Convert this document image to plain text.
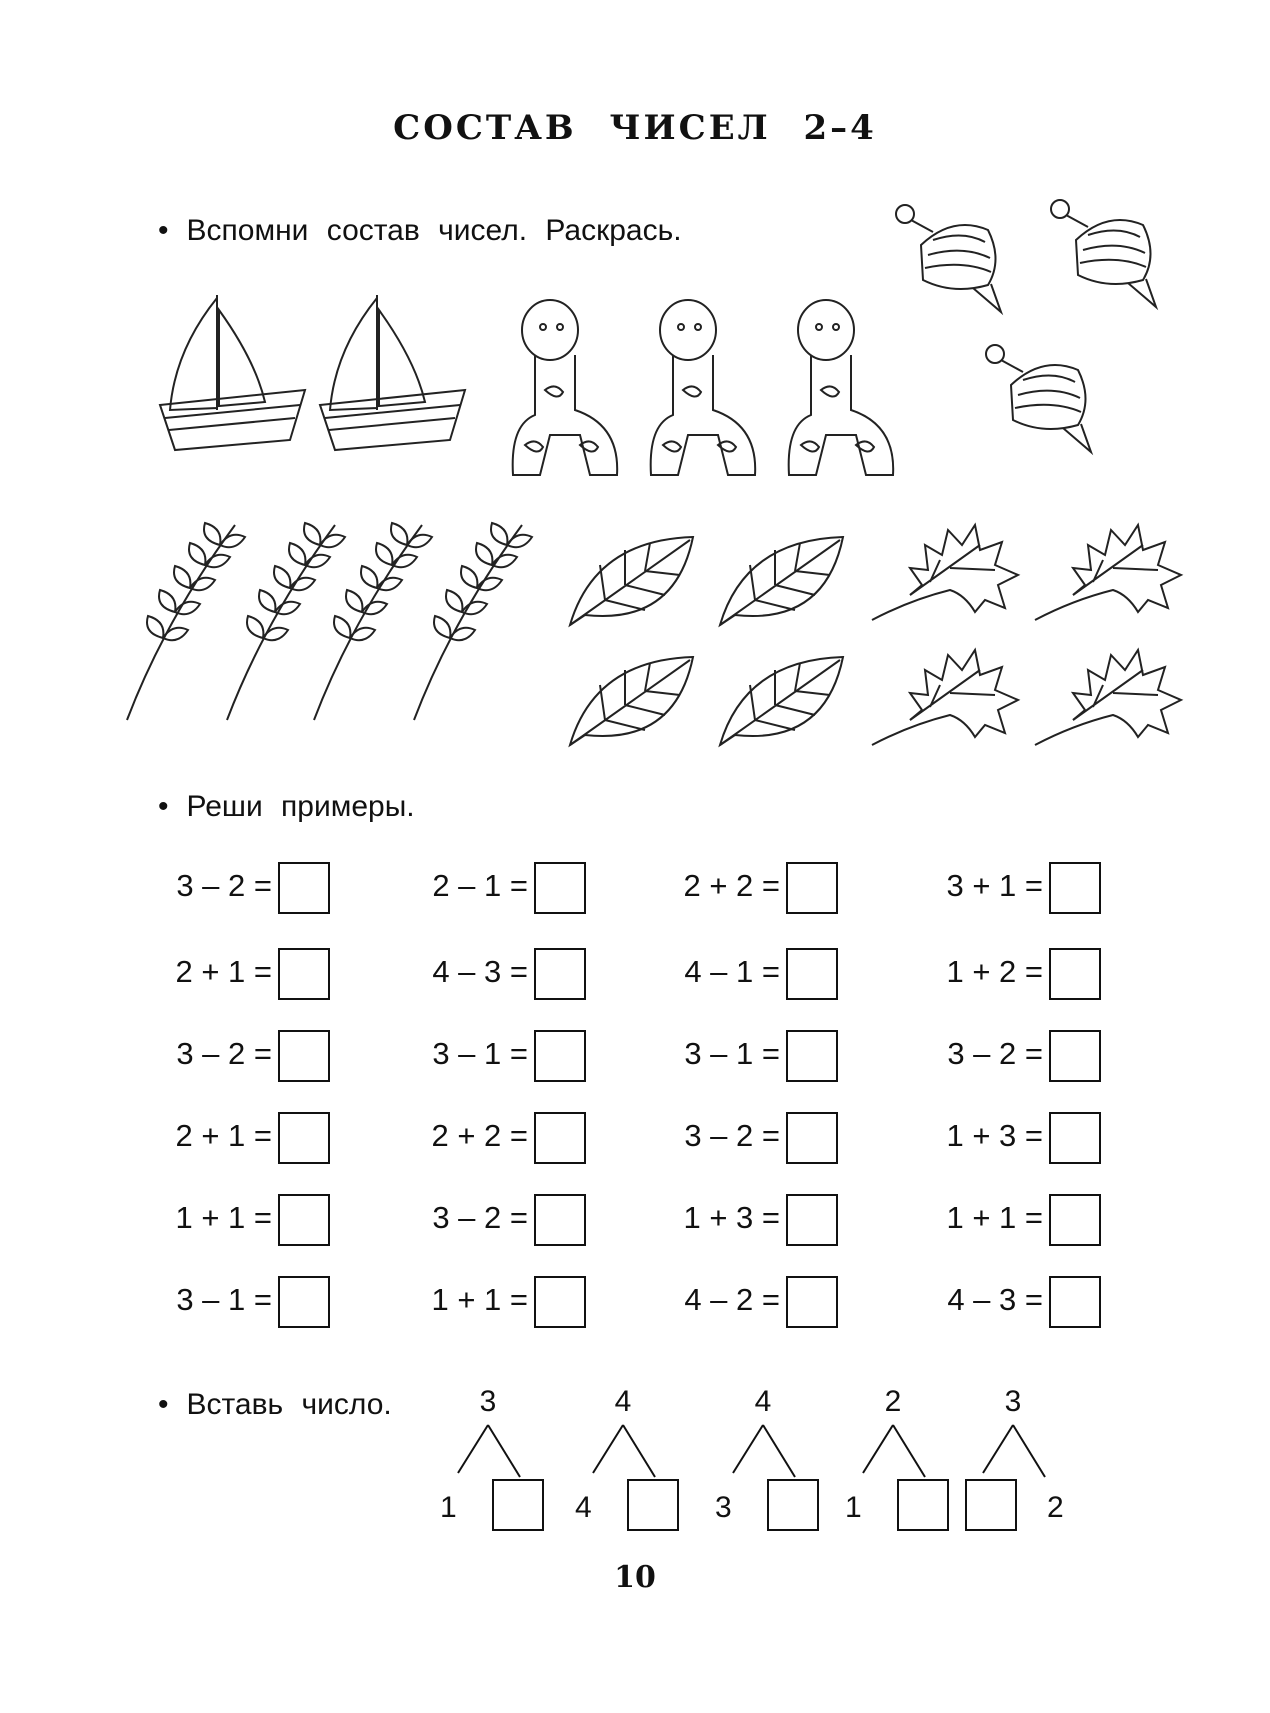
СОСТАВ ЧИСЕЛ 2–4

• Вспомни состав чисел. Раскрась.

• Реши примеры.

3 – 2 =	2 – 1 =	2 + 2 =	3 + 1 =
2 + 1 =	4 – 3 =	4 – 1 =	1 + 2 =
3 – 2 =	3 – 1 =	3 – 1 =	3 – 2 =
2 + 1 =	2 + 2 =	3 – 2 =	1 + 3 =
1 + 1 =	3 – 2 =	1 + 3 =	1 + 1 =
3 – 1 =	1 + 1 =	4 – 2 =	4 – 3 =

• Вставь число.	3
1
4
4
4
3
2
1
3
2
10
